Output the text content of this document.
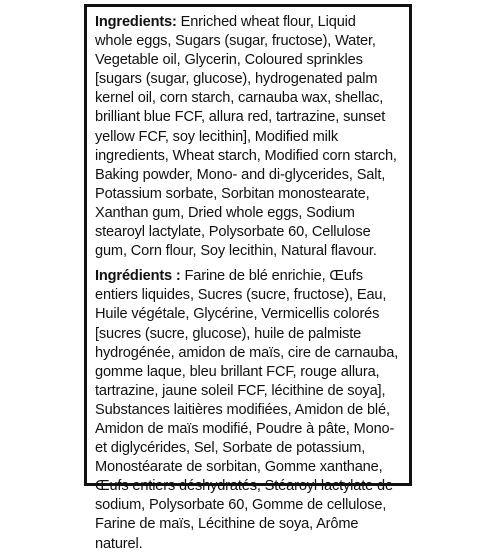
Ingredients: Enriched wheat flour, Liquid
whole eggs, Sugars (sugar, fructose), Water,
Vegetable oil, Glycerin, Coloured sprinkles
[sugars (sugar, glucose), hydrogenated palm
kernel oil, corn starch, carnauba wax, shellac,
brilliant blue FCF, allura red, tartrazine, sunset
yellow FCF, soy lecithin], Modified milk
ingredients, Wheat starch, Modified corn starch,
Baking powder, Mono- and di-glycerides, Salt,
Potassium sorbate, Sorbitan monostearate,
Xanthan gum, Dried whole eggs, Sodium
stearoyl lactylate, Polysorbate 60, Cellulose
gum, Corn flour, Soy lecithin, Natural flavour.

Ingrédients : Farine de blé enrichie, Œufs
entiers liquides, Sucres (sucre, fructose), Eau,
Huile végétale, Glycérine, Vermicellis colorés
[sucres (sucre, glucose), huile de palmiste
hydrogénée, amidon de maïs, cire de carnauba,
gomme laque, bleu brillant FCF, rouge allura,
tartrazine, jaune soleil FCF, lécithine de soya],
Substances laitières modifiées, Amidon de blé,
Amidon de maïs modifié, Poudre à pâte, Mono-
et diglycérides, Sel, Sorbate de potassium,
Monostéarate de sorbitan, Gomme xanthane,
Œufs entiers déshydratés, Stéaroyl lactylate de
sodium, Polysorbate 60, Gomme de cellulose,
Farine de maïs, Lécithine de soya, Arôme
naturel.
